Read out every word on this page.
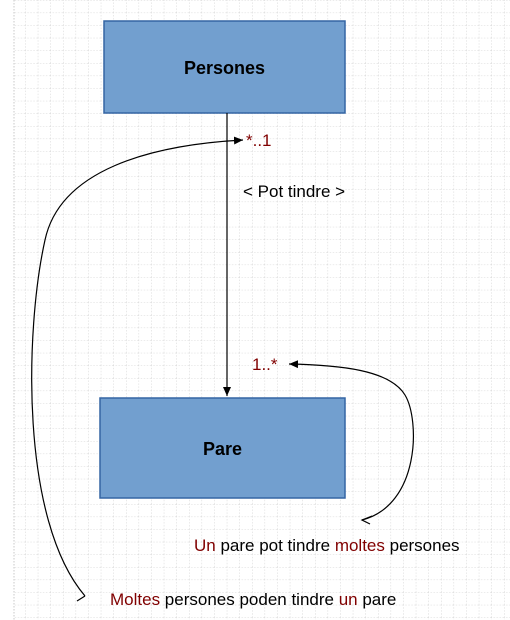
Persones
Pare
*..1
1..*
< Pot tindre >
Un pare pot tindre moltes persones
Moltes persones poden tindre un pare
